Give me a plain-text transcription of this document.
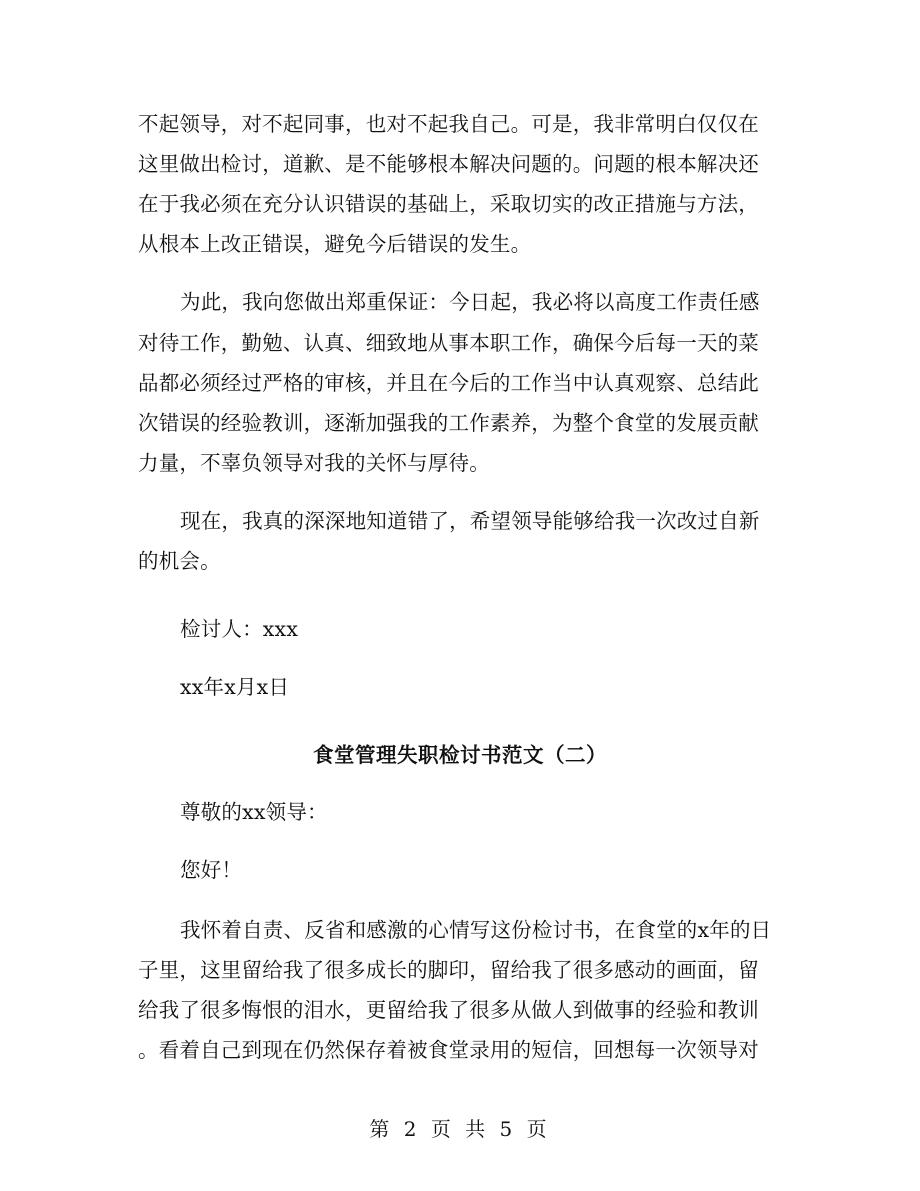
不起领导，对不起同事，也对不起我自己。可是，我非常明白仅仅在
这里做出检讨，道歉、是不能够根本解决问题的。问题的根本解决还
在于我必须在充分认识错误的基础上，采取切实的改正措施与方法，
从根本上改正错误，避免今后错误的发生。
为此，我向您做出郑重保证：今日起，我必将以高度工作责任感
对待工作，勤勉、认真、细致地从事本职工作，确保今后每一天的菜
品都必须经过严格的审核，并且在今后的工作当中认真观察、总结此
次错误的经验教训，逐渐加强我的工作素养，为整个食堂的发展贡献
力量，不辜负领导对我的关怀与厚待。
现在，我真的深深地知道错了，希望领导能够给我一次改过自新
的机会。
检讨人：xxx
xx年x月x日
食堂管理失职检讨书范文（二）
尊敬的xx领导：
您好！
我怀着自责、反省和感激的心情写这份检讨书，在食堂的x年的日
子里，这里留给我了很多成长的脚印，留给我了很多感动的画面，留
给我了很多悔恨的泪水，更留给我了很多从做人到做事的经验和教训
。看着自己到现在仍然保存着被食堂录用的短信，回想每一次领导对
第 2 页 共 5 页
